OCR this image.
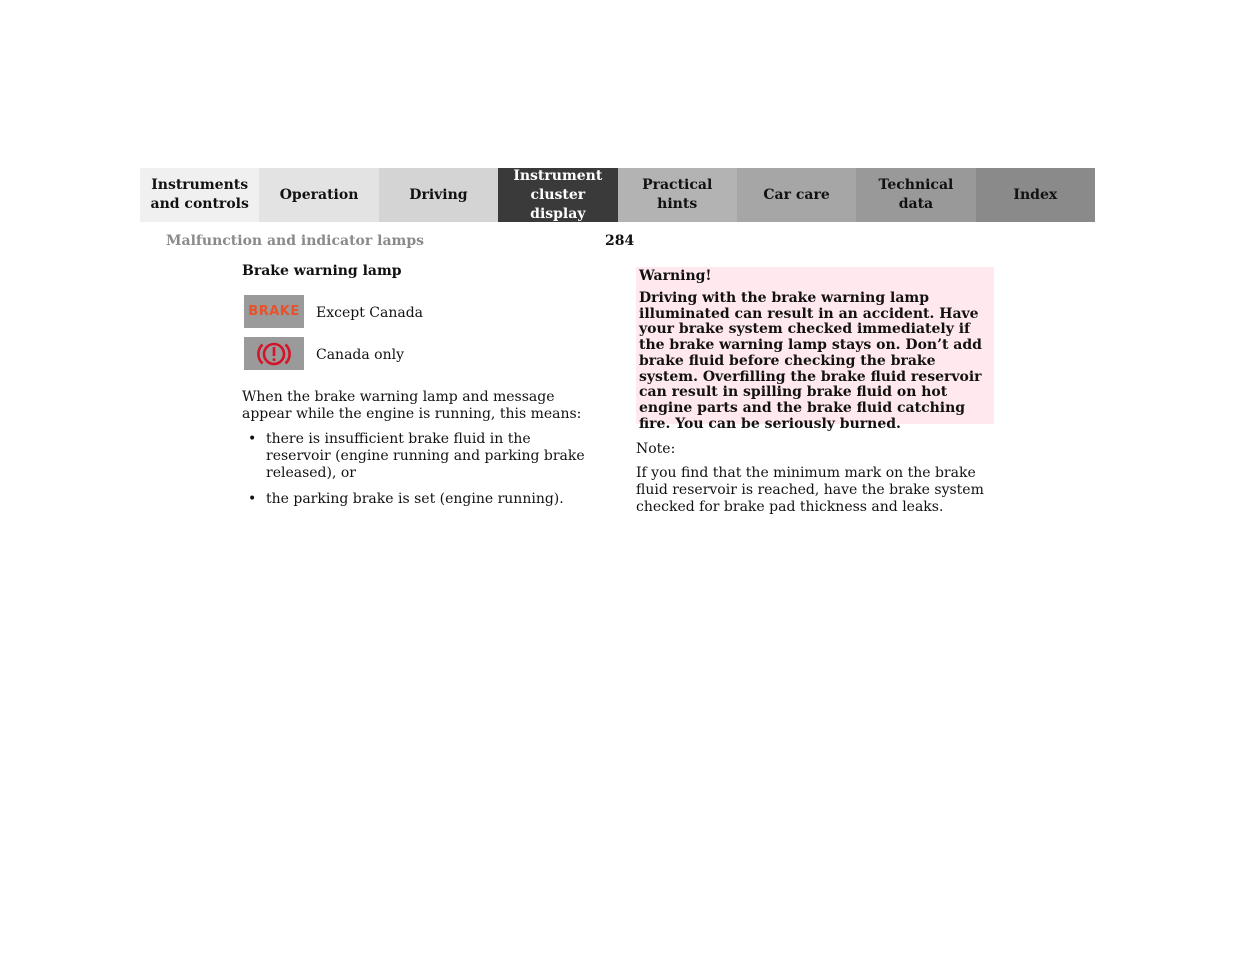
Instruments
and controls
Operation	Driving
Instrument
cluster display
Practical hints
Car care
Technical
data
Index
Malfunction and indicator lamps	284
Brake warning lamp
BRAKE Except Canada
Canada only
When the brake warning lamp and message appear while the engine is running, this means:
• there is insufficient brake fluid in the reservoir (engine running and parking brake released), or
• the parking brake is set (engine running).
Warning!
Driving with the brake warning lamp illuminated can result in an accident. Have your brake system checked immediately if the brake warning lamp stays on. Don’t add brake fluid before checking the brake system. Overfilling the brake fluid reservoir can result in spilling brake fluid on hot engine parts and the brake fluid catching fire. You can be seriously burned.
Note:
If you find that the minimum mark on the brake fluid reservoir is reached, have the brake system checked for brake pad thickness and leaks.
